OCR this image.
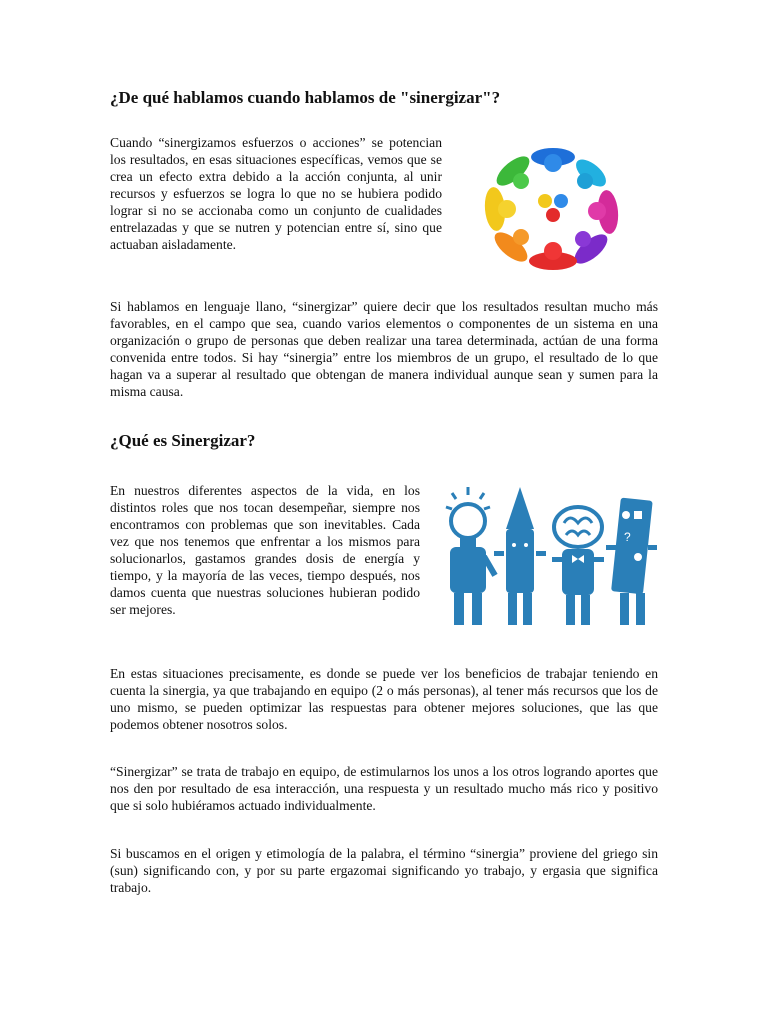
¿De qué hablamos cuando hablamos de "sinergizar"?

Cuando “sinergizamos esfuerzos o acciones” se potencian los resultados, en esas situaciones específicas, vemos que se crea un efecto extra debido a la acción conjunta, al unir recursos y esfuerzos se logra lo que no se hubiera podido lograr si no se accionaba como un conjunto de cualidades entrelazadas y que se nutren y potencian entre sí, sino que actuaban aisladamente.

Si hablamos en lenguaje llano, “sinergizar” quiere decir que los resultados resultan mucho más favorables, en el campo que sea, cuando varios elementos o componentes de un sistema en una organización o grupo de personas que deben realizar una tarea determinada, actúan de una forma convenida entre todos. Si hay “sinergia” entre los miembros de un grupo, el resultado de lo que hagan va a superar al resultado que obtengan de manera individual aunque sean y sumen para la misma causa.

¿Qué es Sinergizar?

En nuestros diferentes aspectos de la vida, en los distintos roles que nos tocan desempeñar, siempre nos encontramos con problemas que son inevitables. Cada vez que nos tenemos que enfrentar a los mismos para solucionarlos, gastamos grandes dosis de energía y tiempo, y la mayoría de las veces, tiempo después, nos damos cuenta que nuestras soluciones hubieran podido ser mejores.

?

En estas situaciones precisamente, es donde se puede ver los beneficios de trabajar teniendo en cuenta la sinergia, ya que trabajando en equipo (2 o más personas), al tener más recursos que los de uno mismo, se pueden optimizar las respuestas para obtener mejores soluciones, que las que podemos obtener nosotros solos.

“Sinergizar” se trata de trabajo en equipo, de estimularnos los unos a los otros logrando aportes que nos den por resultado de esa interacción, una respuesta y un resultado mucho más rico y positivo que si solo hubiéramos actuado individualmente.

Si buscamos en el origen y etimología de la palabra, el término “sinergia” proviene del griego sin (sun) significando con, y por su parte ergazomai significando yo trabajo, y ergasia que significa trabajo.
